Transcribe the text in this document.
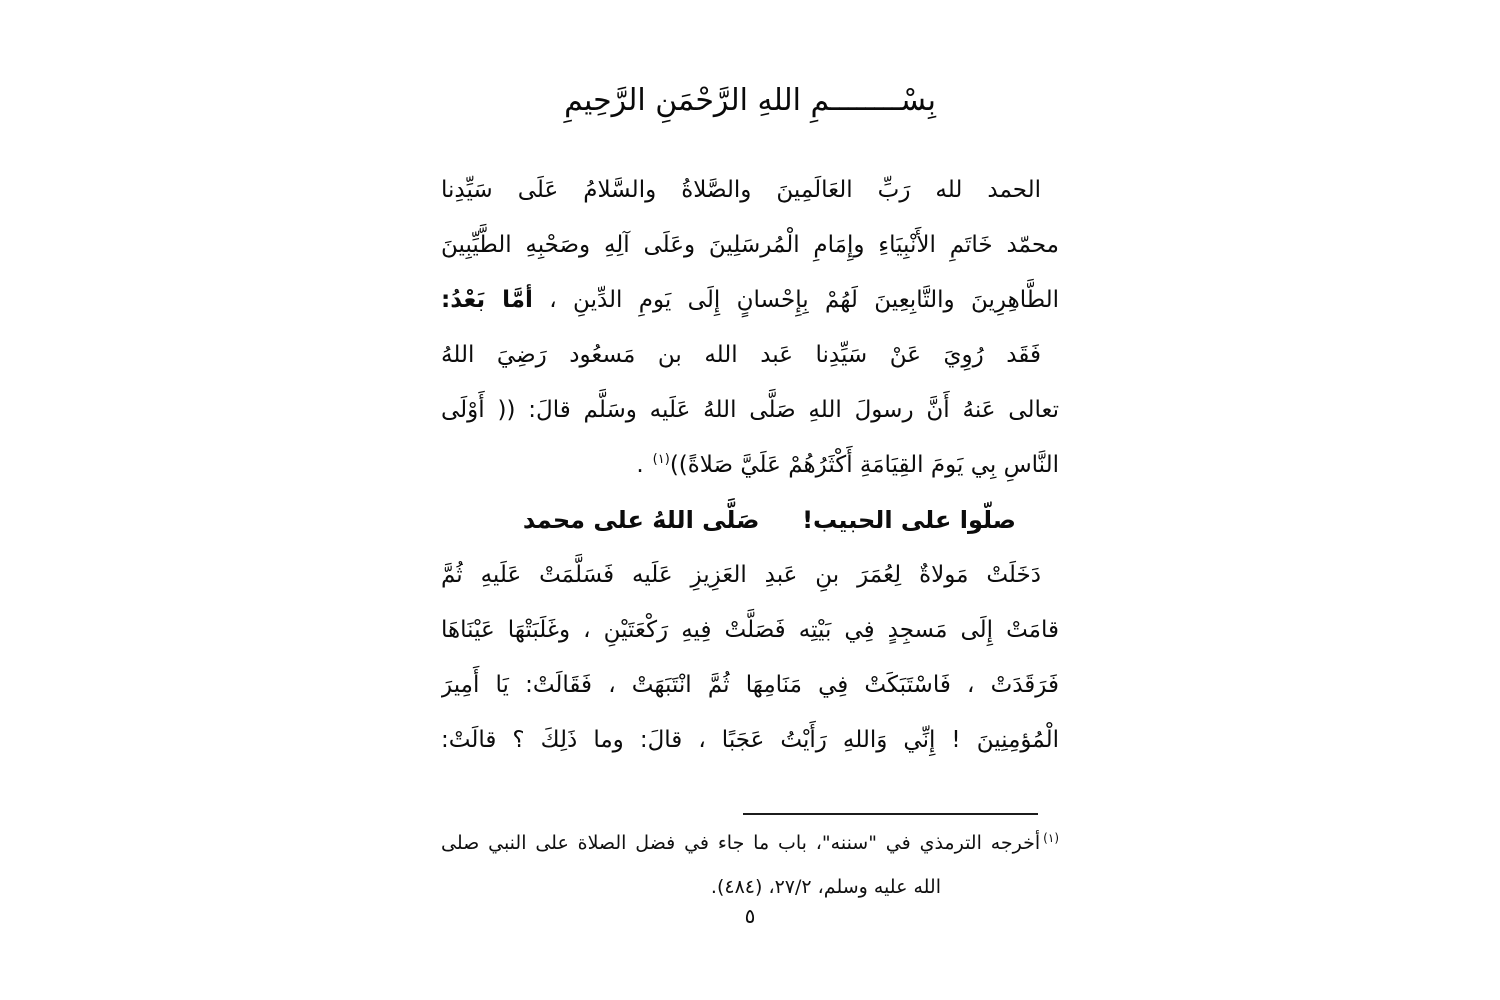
بِسْــــــــمِ اللهِ الرَّحْمَنِ الرَّحِيمِ
الحمد لله رَبِّ العَالَمِينَ والصَّلاةُ والسَّلامُ عَلَى سَيِّدِنا
محمّد خَاتَمِ الأَنْبِيَاءِ وإِمَامِ الْمُرسَلِينَ وعَلَى آلِهِ وصَحْبِهِ الطَّيِّبِينَ
الطَّاهِرِينَ والتَّابِعِينَ لَهُمْ بِإِحْسانٍ إِلَى يَومِ الدِّينِ ، أمَّا بَعْدُ:
فَقَد رُوِيَ عَنْ سَيِّدِنا عَبد الله بن مَسعُود رَضِيَ اللهُ
تعالى عَنهُ أَنَّ رسولَ اللهِ صَلَّى اللهُ عَلَيه وسَلَّم قالَ: (( أَوْلَى
النَّاسِ بِي يَومَ القِيَامَةِ أَكْثَرُهُمْ عَلَيَّ صَلاةً))$^{(١)}$.
صلّوا على الحبيب! صَلَّى اللهُ على محمد
دَخَلَتْ مَولاةٌ لِعُمَرَ بنِ عَبدِ العَزِيزِ عَلَيه فَسَلَّمَتْ عَلَيهِ ثُمَّ
قامَتْ إِلَى مَسجِدٍ فِي بَيْتِه فَصَلَّتْ فِيهِ رَكْعَتَيْنِ ، وغَلَبَتْهَا عَيْنَاهَا
فَرَقَدَتْ ، فَاسْتَبَكَتْ فِي مَنَامِهَا ثُمَّ انْتَبَهَتْ ، فَقَالَتْ: يَا أَمِيرَ
الْمُؤمِنِينَ ! إِنِّي وَاللهِ رَأَيْتُ عَجَبًا ، قالَ: وما ذَلِكَ ؟ قالَتْ:
$^{(١)}$أخرجه الترمذي في "سننه"، باب ما جاء في فضل الصلاة على النبي صلى
الله عليه وسلم، ٢٧/٢، (٤٨٤).
٥
